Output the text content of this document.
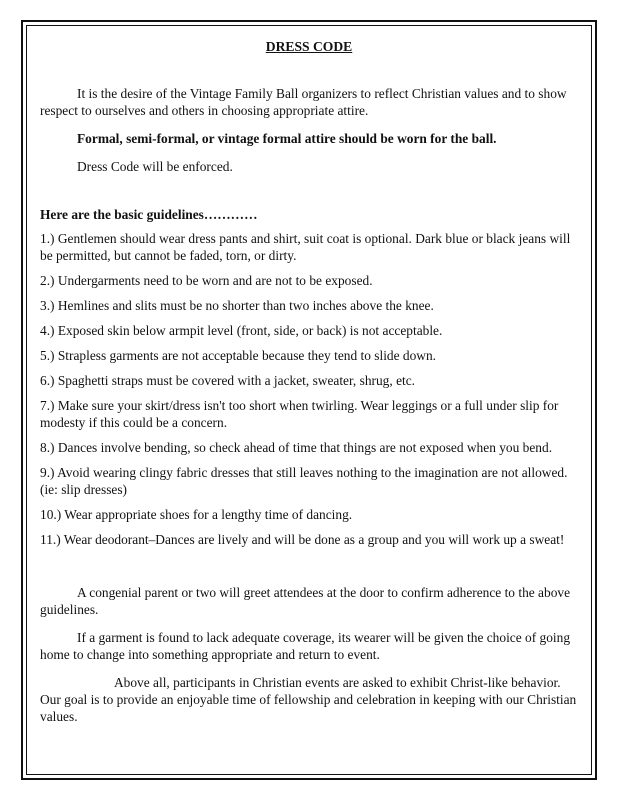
DRESS CODE

It is the desire of the Vintage Family Ball organizers to reflect Christian values and to show respect to ourselves and others in choosing appropriate attire.

Formal, semi-formal, or vintage formal attire should be worn for the ball.

Dress Code will be enforced.

Here are the basic guidelines…………
1.) Gentlemen should wear dress pants and shirt, suit coat is optional. Dark blue or black jeans will be permitted, but cannot be faded, torn, or dirty.
2.) Undergarments need to be worn and are not to be exposed.
3.) Hemlines and slits must be no shorter than two inches above the knee.
4.) Exposed skin below armpit level (front, side, or back) is not acceptable.
5.) Strapless garments are not acceptable because they tend to slide down.
6.) Spaghetti straps must be covered with a jacket, sweater, shrug, etc.
7.) Make sure your skirt/dress isn't too short when twirling. Wear leggings or a full under slip for modesty if this could be a concern.
8.) Dances involve bending, so check ahead of time that things are not exposed when you bend.
9.) Avoid wearing clingy fabric dresses that still leaves nothing to the imagination are not allowed. (ie: slip dresses)
10.) Wear appropriate shoes for a lengthy time of dancing.
11.) Wear deodorant–Dances are lively and will be done as a group and you will work up a sweat!

A congenial parent or two will greet attendees at the door to confirm adherence to the above guidelines.

If a garment is found to lack adequate coverage, its wearer will be given the choice of going home to change into something appropriate and return to event.

Above all, participants in Christian events are asked to exhibit Christ-like behavior. Our goal is to provide an enjoyable time of fellowship and celebration in keeping with our Christian values.
